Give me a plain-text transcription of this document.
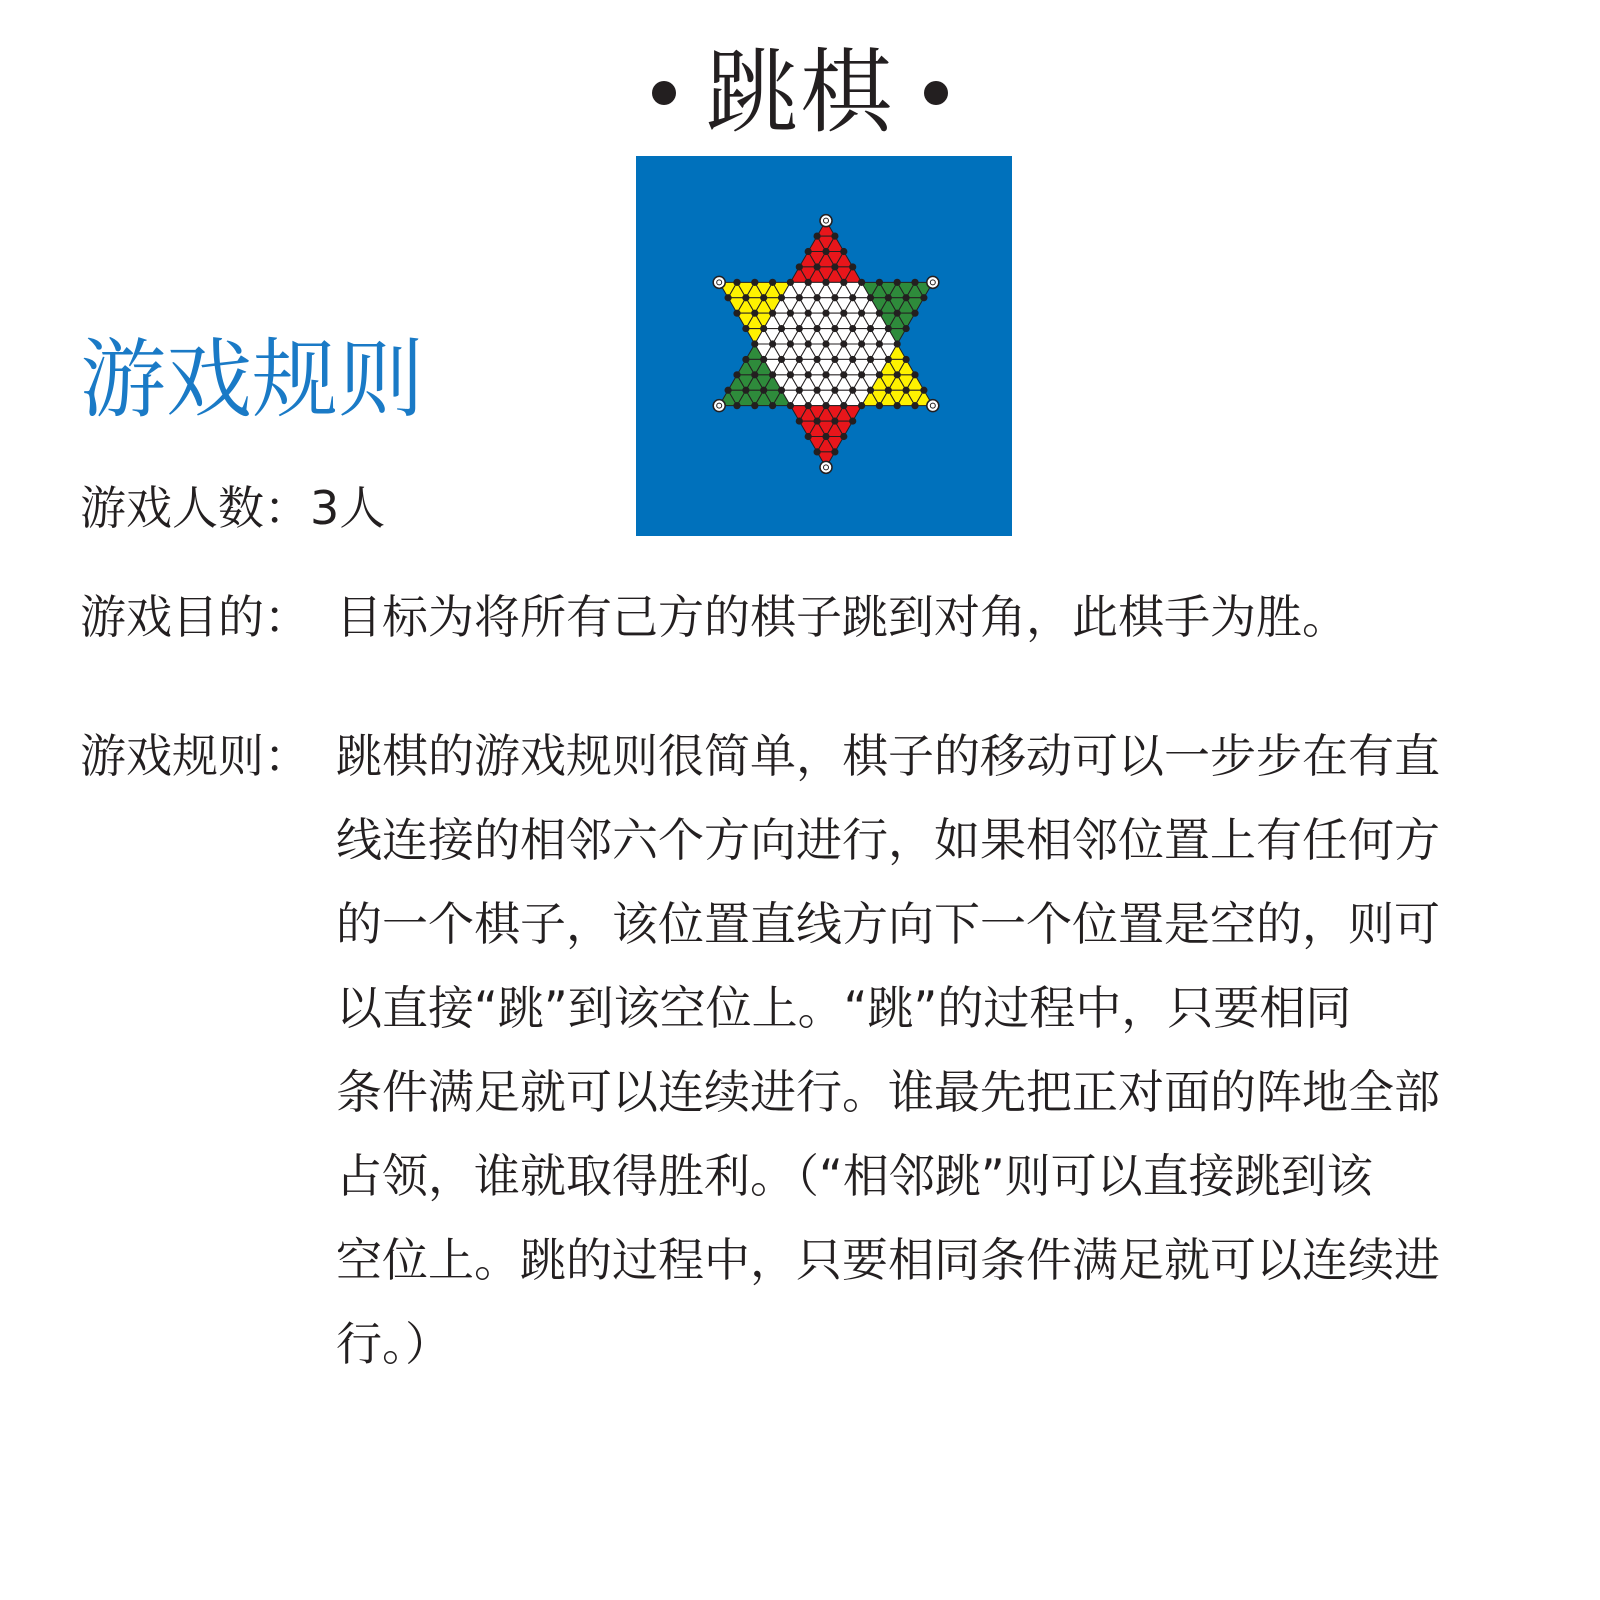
跳棋
游戏规则
游戏人数：3人
游戏目的： 目标为将所有己方的棋子跳到对角，此棋手为胜。
游戏规则： 跳棋的游戏规则很简单，棋子的移动可以一步步在有直
线连接的相邻六个方向进行，如果相邻位置上有任何方
的一个棋子，该位置直线方向下一个位置是空的，则可
以直接“跳”到该空位上。“跳”的过程中，只要相同
条件满足就可以连续进行。谁最先把正对面的阵地全部
占领，谁就取得胜利。（“相邻跳”则可以直接跳到该
空位上。跳的过程中，只要相同条件满足就可以连续进
行。）
